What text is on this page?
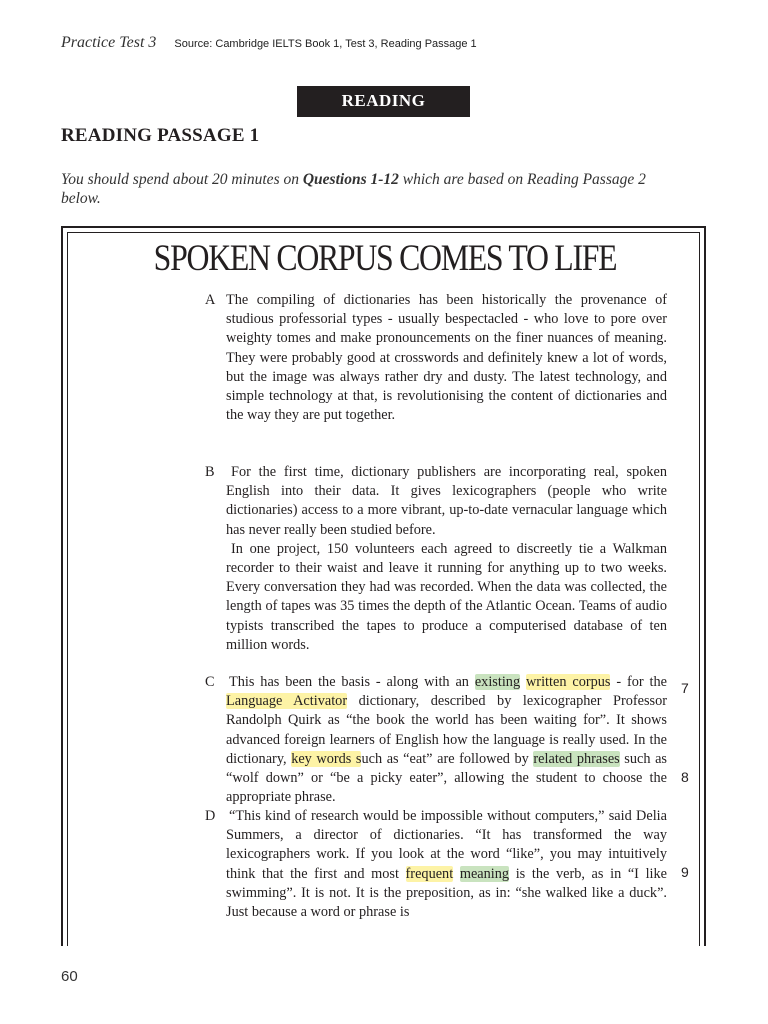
Practice Test 3 Source: Cambridge IELTS Book 1, Test 3, Reading Passage 1
READING
READING PASSAGE 1
You should spend about 20 minutes on Questions 1-12 which are based on Reading Passage 2 below.
SPOKEN CORPUS COMES TO LIFE
A The compiling of dictionaries has been historically the provenance of studious professorial types - usually bespectacled - who love to pore over weighty tomes and make pronouncements on the finer nuances of meaning. They were probably good at crosswords and definitely knew a lot of words, but the image was always rather dry and dusty. The latest technology, and simple technology at that, is revolutionising the content of dictionaries and the way they are put together.
B	For the first time, dictionary publishers are incorporating real, spoken English into their data. It gives lexicographers (people who write dictionaries) access to a more vibrant, up-to-date vernacular language which has never really been studied before.
In one project, 150 volunteers each agreed to discreetly tie a Walkman recorder to their waist and leave it running for anything up to two weeks. Every conversation they had was recorded. When the data was collected, the length of tapes was 35 times the depth of the Atlantic Ocean. Teams of audio typists transcribed the tapes to produce a computerised database of ten million words.
C This has been the basis - along with an existing written corpus - for the Language Activator dictionary, described by lexicographer Professor Randolph Quirk as “the book the world has been waiting for”. It shows advanced foreign learners of English how the language is really used. In the dictionary, key words such as “eat” are followed by related phrases such as “wolf down” or “be a picky eater”, allowing the student to choose the appropriate phrase.
D “This kind of research would be impossible without computers,” said Delia Summers, a director of dictionaries. “It has transformed the way lexicographers work. If you look at the word “like”, you may intuitively think that the first and most frequent meaning is the verb, as in “I like swimming”. It is not. It is the preposition, as in: “she walked like a duck”. Just because a word or phrase is
7
8
9
60
